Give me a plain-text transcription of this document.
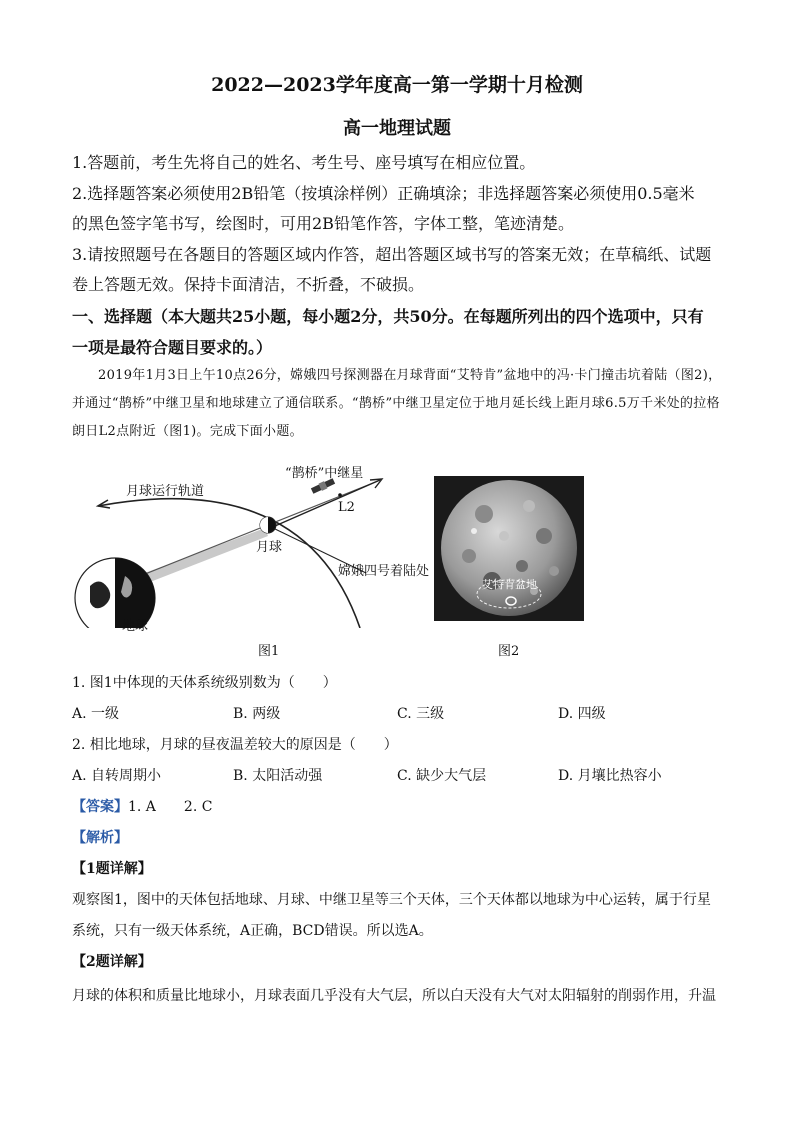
2022—2023学年度高一第一学期十月检测
高一地理试题
1.答题前，考生先将自己的姓名、考生号、座号填写在相应位置。
2.选择题答案必须使用2B铅笔（按填涂样例）正确填涂；非选择题答案必须使用0.5毫米
的黑色签字笔书写，绘图时，可用2B铅笔作答，字体工整，笔迹清楚。
3.请按照题号在各题目的答题区域内作答，超出答题区域书写的答案无效；在草稿纸、试题
卷上答题无效。保持卡面清洁，不折叠，不破损。
一、选择题（本大题共25小题，每小题2分，共50分。在每题所列出的四个选项中，只有
一项是最符合题目要求的。）
2019年1月3日上午10点26分，嫦娥四号探测器在月球背面“艾特肯”盆地中的冯·卡门撞击坑着陆（图2)，并通过“鹊桥”中继卫星和地球建立了通信联系。“鹊桥”中继卫星定位于地月延长线上距月球6.5万千米处的拉格朗日L2点附近（图1)。完成下面小题。
月球运行轨道
“鹊桥”中继星
L2
月球
嫦娥四号着陆处
地球
图1
艾特肯盆地
图2
1. 图1中体现的天体系统级别数为（　　）
A. 一级	B. 两级	C. 三级	D. 四级
2. 相比地球，月球的昼夜温差较大的原因是（　　）
A. 自转周期小	B. 太阳活动强	C. 缺少大气层	D. 月壤比热容小
【答案】1. A　　2. C
【解析】
【1题详解】
观察图1，图中的天体包括地球、月球、中继卫星等三个天体，三个天体都以地球为中心运转，属于行星
系统，只有一级天体系统，A正确，BCD错误。所以选A。
【2题详解】
月球的体积和质量比地球小，月球表面几乎没有大气层，所以白天没有大气对太阳辐射的削弱作用，升温
